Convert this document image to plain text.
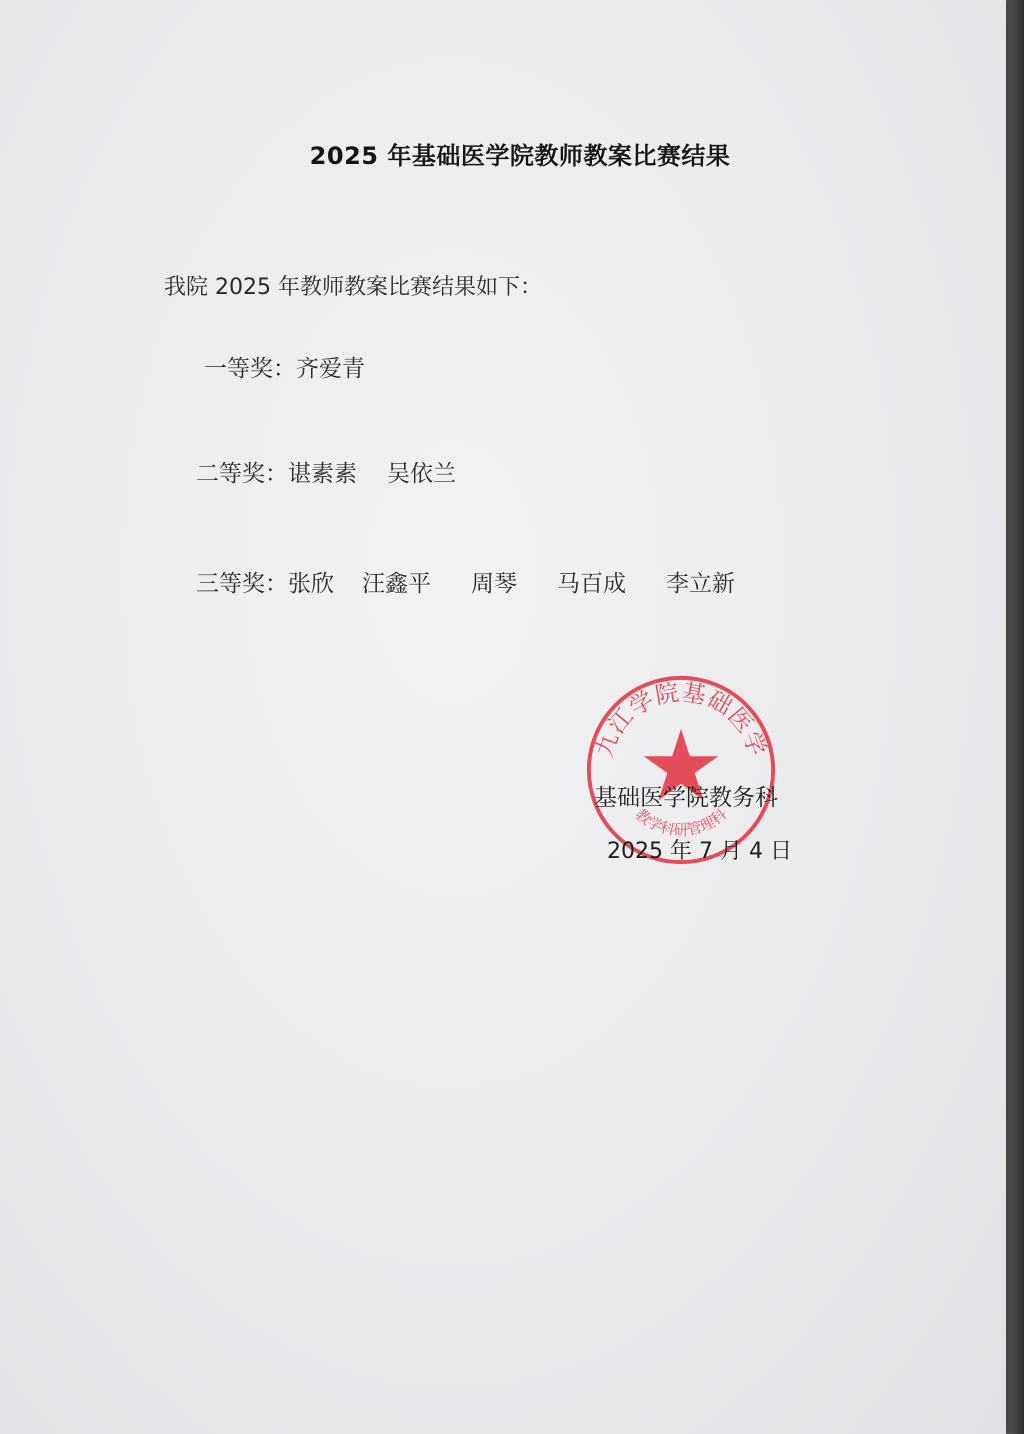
2025 年基础医学院教师教案比赛结果
我院 2025 年教师教案比赛结果如下：
一等奖：齐爱青
二等奖：谌素素 吴依兰
三等奖：张欣 汪鑫平 周琴 马百成 李立新
九江学院基础医学
教学科研管理科
基础医学院教务科
2025 年 7 月 4 日
